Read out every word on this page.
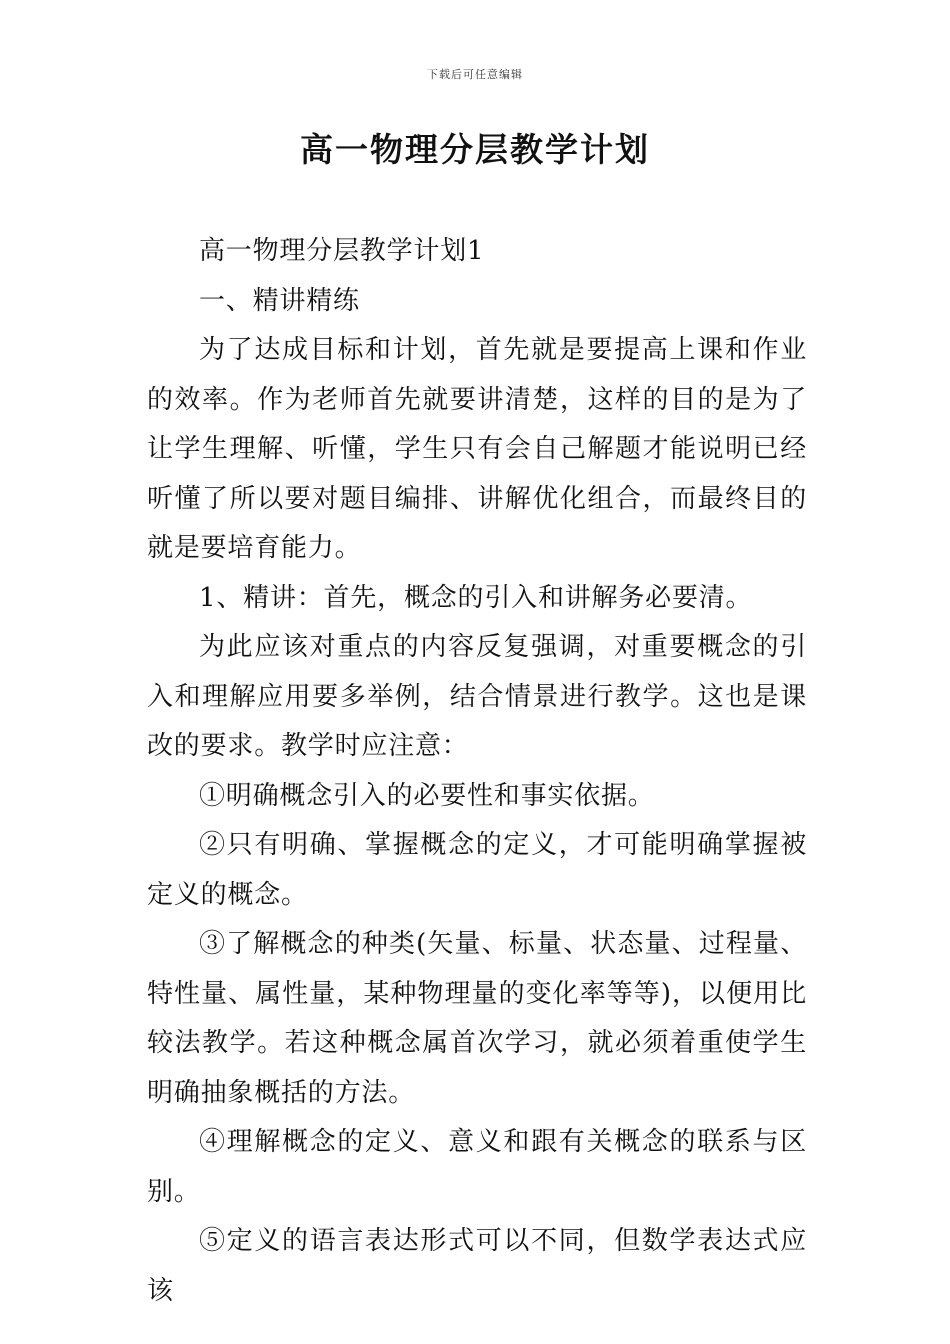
下载后可任意编辑
高一物理分层教学计划

高一物理分层教学计划1

一、精讲精练

为了达成目标和计划，首先就是要提高上课和作业的效率。作为老师首先就要讲清楚，这样的目的是为了让学生理解、听懂，学生只有会自己解题才能说明已经听懂了所以要对题目编排、讲解优化组合，而最终目的就是要培育能力。

1、精讲：首先，概念的引入和讲解务必要清。

为此应该对重点的内容反复强调，对重要概念的引入和理解应用要多举例，结合情景进行教学。这也是课改的要求。教学时应注意：

①明确概念引入的必要性和事实依据。

②只有明确、掌握概念的定义，才可能明确掌握被定义的概念。

③了解概念的种类(矢量、标量、状态量、过程量、特性量、属性量，某种物理量的变化率等等)，以便用比较法教学。若这种概念属首次学习，就必须着重使学生明确抽象概括的方法。

④理解概念的定义、意义和跟有关概念的联系与区别。

⑤定义的语言表达形式可以不同，但数学表达式应该
